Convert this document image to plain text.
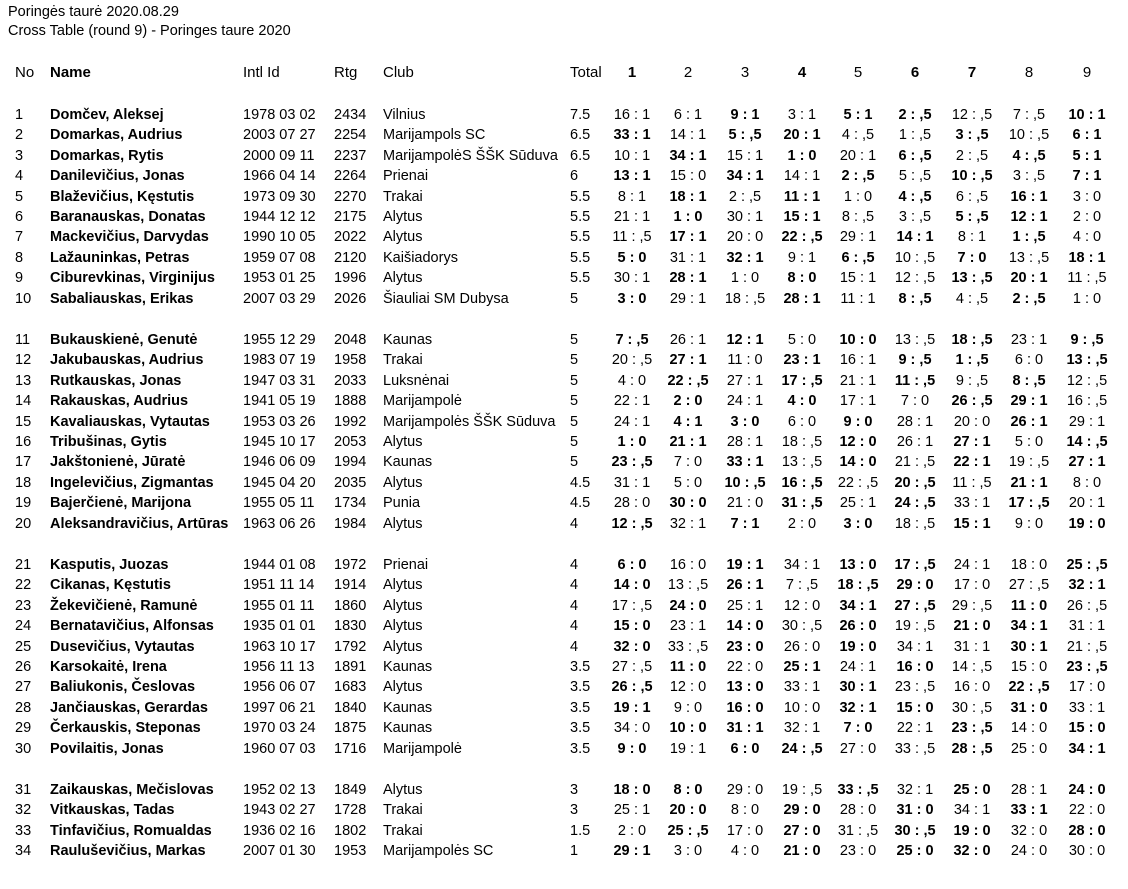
Poringės taurė 2020.08.29
Cross Table (round 9) - Poringes taure 2020
No Name	Intl Id	Rtg Club	Total	1	2	3	4	5	6	7	8	9
1 Domčev, Aleksej	1978 03 02 2434 Vilnius	7.5	16 : 1	6 : 1	9 : 1	3 : 1	5 : 1	2 : ,5	12 : ,5	7 : ,5	10 : 1
2 Domarkas, Audrius	2003 07 27 2254 Marijampols SC	6.5	33 : 1	14 : 1	5 : ,5	20 : 1	4 : ,5	1 : ,5	3 : ,5	10 : ,5	6 : 1
3 Domarkas, Rytis	2000 09 11 2237 MarijampolėS ŠŠK Sūduva 6.5	10 : 1	34 : 1	15 : 1	1 : 0	20 : 1	6 : ,5	2 : ,5	4 : ,5	5 : 1
4 Danilevičius, Jonas	1966 04 14 2264 Prienai	6	13 : 1	15 : 0	34 : 1	14 : 1	2 : ,5	5 : ,5	10 : ,5	3 : ,5	7 : 1
5 Blaževičius, Kęstutis	1973 09 30 2270 Trakai	5.5	8 : 1	18 : 1	2 : ,5	11 : 1	1 : 0	4 : ,5	6 : ,5	16 : 1	3 : 0
6 Baranauskas, Donatas	1944 12 12 2175 Alytus	5.5	21 : 1	1 : 0	30 : 1	15 : 1	8 : ,5	3 : ,5	5 : ,5	12 : 1	2 : 0
7 Mackevičius, Darvydas 1990 10 05 2022 Alytus	5.5	11 : ,5	17 : 1	20 : 0	22 : ,5	29 : 1	14 : 1	8 : 1	1 : ,5	4 : 0
8 Lažauninkas, Petras	1959 07 08 2120 Kaišiadorys	5.5	5 : 0	31 : 1	32 : 1	9 : 1	6 : ,5	10 : ,5	7 : 0	13 : ,5	18 : 1
9 Ciburevkinas, Virginijus 1953 01 25 1996 Alytus	5.5	30 : 1	28 : 1	1 : 0	8 : 0	15 : 1	12 : ,5	13 : ,5	20 : 1	11 : ,5
10 Sabaliauskas, Erikas	2007 03 29 2026 Šiauliai SM Dubysa	5	3 : 0	29 : 1	18 : ,5	28 : 1	11 : 1	8 : ,5	4 : ,5	2 : ,5	1 : 0
11 Bukauskienė, Genutė	1955 12 29 2048 Kaunas	5	7 : ,5	26 : 1	12 : 1	5 : 0	10 : 0	13 : ,5	18 : ,5	23 : 1	9 : ,5
12 Jakubauskas, Audrius	1983 07 19 1958 Trakai	5	20 : ,5	27 : 1	11 : 0	23 : 1	16 : 1	9 : ,5	1 : ,5	6 : 0	13 : ,5
13 Rutkauskas, Jonas	1947 03 31 2033 Luksnėnai	5	4 : 0	22 : ,5	27 : 1	17 : ,5	21 : 1	11 : ,5	9 : ,5	8 : ,5	12 : ,5
14 Rakauskas, Audrius	1941 05 19 1888 Marijampolė	5	22 : 1	2 : 0	24 : 1	4 : 0	17 : 1	7 : 0	26 : ,5	29 : 1	16 : ,5
15 Kavaliauskas, Vytautas 1953 03 26 1992 Marijampolės ŠŠK Sūduva 5	24 : 1	4 : 1	3 : 0	6 : 0	9 : 0	28 : 1	20 : 0	26 : 1	29 : 1
16 Tribušinas, Gytis	1945 10 17 2053 Alytus	5	1 : 0	21 : 1	28 : 1	18 : ,5	12 : 0	26 : 1	27 : 1	5 : 0	14 : ,5
17 Jakštonienė, Jūratė	1946 06 09 1994 Kaunas	5	23 : ,5	7 : 0	33 : 1	13 : ,5	14 : 0	21 : ,5	22 : 1	19 : ,5	27 : 1
18 Ingelevičius, Zigmantas 1945 04 20 2035 Alytus	4.5	31 : 1	5 : 0	10 : ,5	16 : ,5	22 : ,5	20 : ,5	11 : ,5	21 : 1	8 : 0
19 Bajerčienė, Marijona	1955 05 11 1734 Punia	4.5	28 : 0	30 : 0	21 : 0	31 : ,5	25 : 1	24 : ,5	33 : 1	17 : ,5	20 : 1
20 Aleksandravičius, Artūras 1963 06 26 1984 Alytus	4	12 : ,5	32 : 1	7 : 1	2 : 0	3 : 0	18 : ,5	15 : 1	9 : 0	19 : 0
21 Kasputis, Juozas	1944 01 08 1972 Prienai	4	6 : 0	16 : 0	19 : 1	34 : 1	13 : 0	17 : ,5	24 : 1	18 : 0	25 : ,5
22 Cikanas, Kęstutis	1951 11 14 1914 Alytus	4	14 : 0	13 : ,5	26 : 1	7 : ,5	18 : ,5	29 : 0	17 : 0	27 : ,5	32 : 1
23 Žekevičienė, Ramunė	1955 01 11 1860 Alytus	4	17 : ,5	24 : 0	25 : 1	12 : 0	34 : 1	27 : ,5	29 : ,5	11 : 0	26 : ,5
24 Bernatavičius, Alfonsas 1935 01 01 1830 Alytus	4	15 : 0	23 : 1	14 : 0	30 : ,5	26 : 0	19 : ,5	21 : 0	34 : 1	31 : 1
25 Dusevičius, Vytautas	1963 10 17 1792 Alytus	4	32 : 0	33 : ,5	23 : 0	26 : 0	19 : 0	34 : 1	31 : 1	30 : 1	21 : ,5
26 Karsokaitė, Irena	1956 11 13 1891 Kaunas	3.5	27 : ,5	11 : 0	22 : 0	25 : 1	24 : 1	16 : 0	14 : ,5	15 : 0	23 : ,5
27 Baliukonis, Česlovas	1956 06 07 1683 Alytus	3.5	26 : ,5	12 : 0	13 : 0	33 : 1	30 : 1	23 : ,5	16 : 0	22 : ,5	17 : 0
28 Jančiauskas, Gerardas 1997 06 21 1840 Kaunas	3.5	19 : 1	9 : 0	16 : 0	10 : 0	32 : 1	15 : 0	30 : ,5	31 : 0	33 : 1
29 Čerkauskis, Steponas	1970 03 24 1875 Kaunas	3.5	34 : 0	10 : 0	31 : 1	32 : 1	7 : 0	22 : 1	23 : ,5	14 : 0	15 : 0
30 Povilaitis, Jonas	1960 07 03 1716 Marijampolė	3.5	9 : 0	19 : 1	6 : 0	24 : ,5	27 : 0	33 : ,5	28 : ,5	25 : 0	34 : 1
31 Zaikauskas, Mečislovas 1952 02 13 1849 Alytus	3	18 : 0	8 : 0	29 : 0	19 : ,5	33 : ,5	32 : 1	25 : 0	28 : 1	24 : 0
32 Vitkauskas, Tadas	1943 02 27 1728 Trakai	3	25 : 1	20 : 0	8 : 0	29 : 0	28 : 0	31 : 0	34 : 1	33 : 1	22 : 0
33 Tinfavičius, Romualdas 1936 02 16 1802 Trakai	1.5	2 : 0	25 : ,5	17 : 0	27 : 0	31 : ,5	30 : ,5	19 : 0	32 : 0	28 : 0
34 Raulušеvičius, Markas	2007 01 30 1953 Marijampolės SC	1	29 : 1	3 : 0	4 : 0	21 : 0	23 : 0	25 : 0	32 : 0	24 : 0	30 : 0
